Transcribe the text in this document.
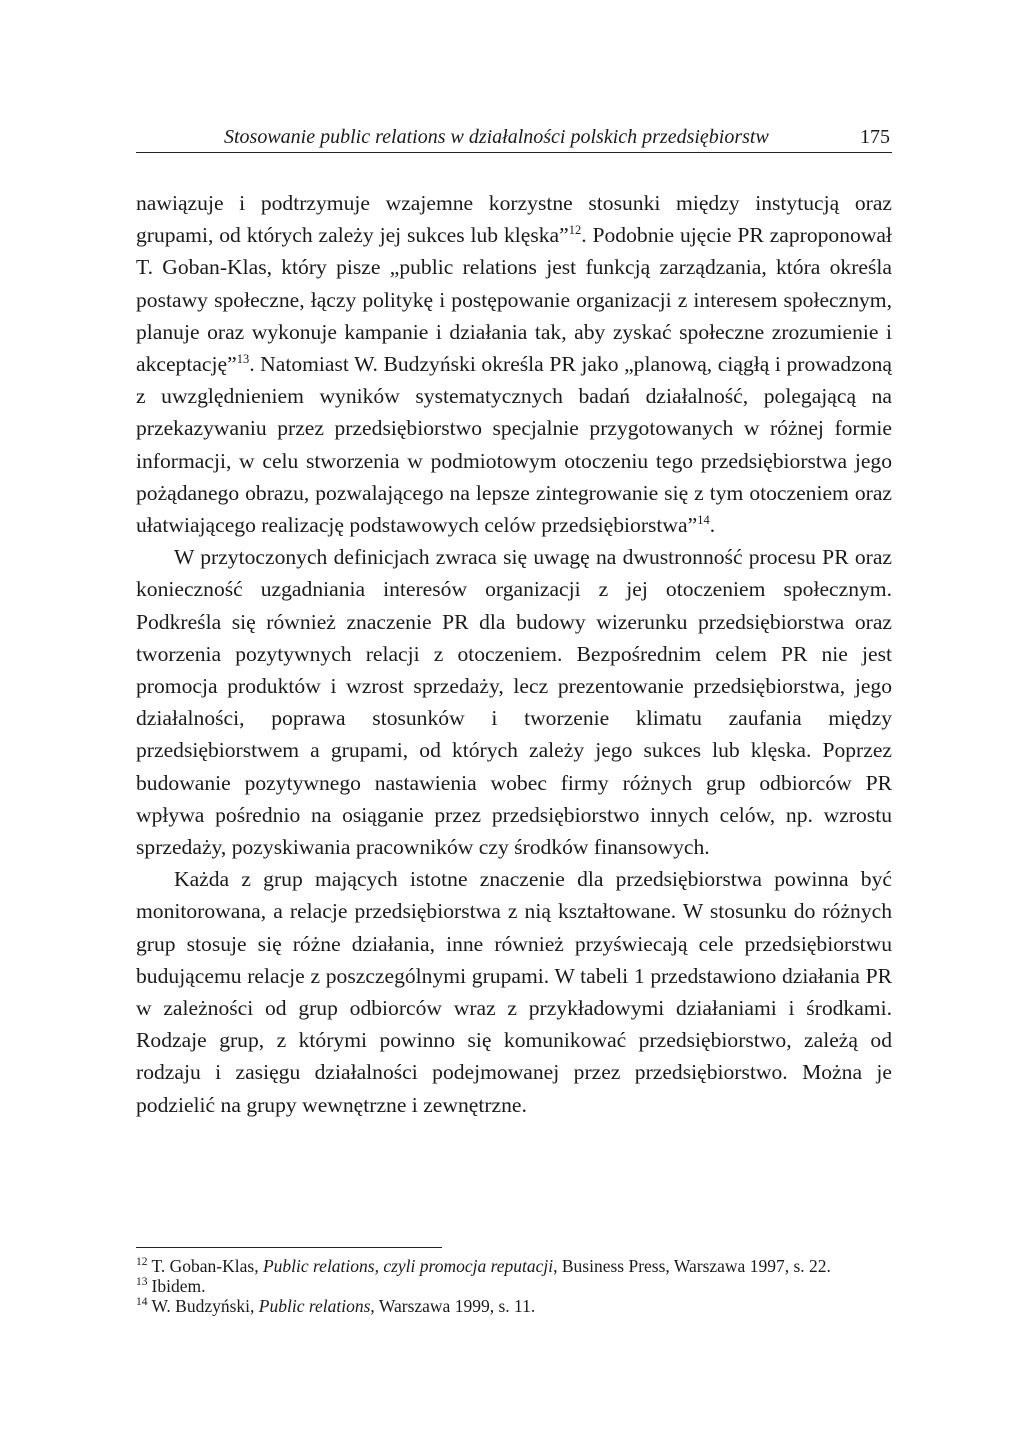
Stosowanie public relations w działalności polskich przedsiębiorstw	175

nawiązuje i podtrzymuje wzajemne korzystne stosunki między instytucją oraz grupami, od których zależy jej sukces lub klęska”$^{12}$. Podobnie ujęcie PR zaproponował T. Goban-Klas, który pisze „public relations jest funkcją zarządzania, która określa postawy społeczne, łączy politykę i postępowanie organizacji z interesem społecznym, planuje oraz wykonuje kampanie i działania tak, aby zyskać społeczne zrozumienie i akceptację”$^{13}$. Natomiast W. Budzyński określa PR jako „planową, ciągłą i prowadzoną z uwzględnieniem wyników systematycznych badań działalność, polegającą na przekazywaniu przez przedsiębiorstwo specjalnie przygotowanych w różnej formie informacji, w celu stworzenia w podmiotowym otoczeniu tego przedsiębiorstwa jego pożądanego obrazu, pozwalającego na lepsze zintegrowanie się z tym otoczeniem oraz ułatwiającego realizację podstawowych celów przedsiębiorstwa”$^{14}$.

W przytoczonych definicjach zwraca się uwagę na dwustronność procesu PR oraz konieczność uzgadniania interesów organizacji z jej otoczeniem społecznym. Podkreśla się również znaczenie PR dla budowy wizerunku przedsiębiorstwa oraz tworzenia pozytywnych relacji z otoczeniem. Bezpośrednim celem PR nie jest promocja produktów i wzrost sprzedaży, lecz prezentowanie przedsiębiorstwa, jego działalności, poprawa stosunków i tworzenie klimatu zaufania między przedsiębiorstwem a grupami, od których zależy jego sukces lub klęska. Poprzez budowanie pozytywnego nastawienia wobec firmy różnych grup odbiorców PR wpływa pośrednio na osiąganie przez przedsiębiorstwo innych celów, np. wzrostu sprzedaży, pozyskiwania pracowników czy środków finansowych.

Każda z grup mających istotne znaczenie dla przedsiębiorstwa powinna być monitorowana, a relacje przedsiębiorstwa z nią kształtowane. W stosunku do różnych grup stosuje się różne działania, inne również przyświecają cele przedsiębiorstwu budującemu relacje z poszczególnymi grupami. W tabeli 1 przedstawiono działania PR w zależności od grup odbiorców wraz z przykładowymi działaniami i środkami. Rodzaje grup, z którymi powinno się komunikować przedsiębiorstwo, zależą od rodzaju i zasięgu działalności podejmowanej przez przedsiębiorstwo. Można je podzielić na grupy wewnętrzne i zewnętrzne.

$^{12}$ T. Goban-Klas, Public relations, czyli promocja reputacji, Business Press, Warszawa 1997, s. 22.

$^{13}$ Ibidem.

$^{14}$ W. Budzyński, Public relations, Warszawa 1999, s. 11.
